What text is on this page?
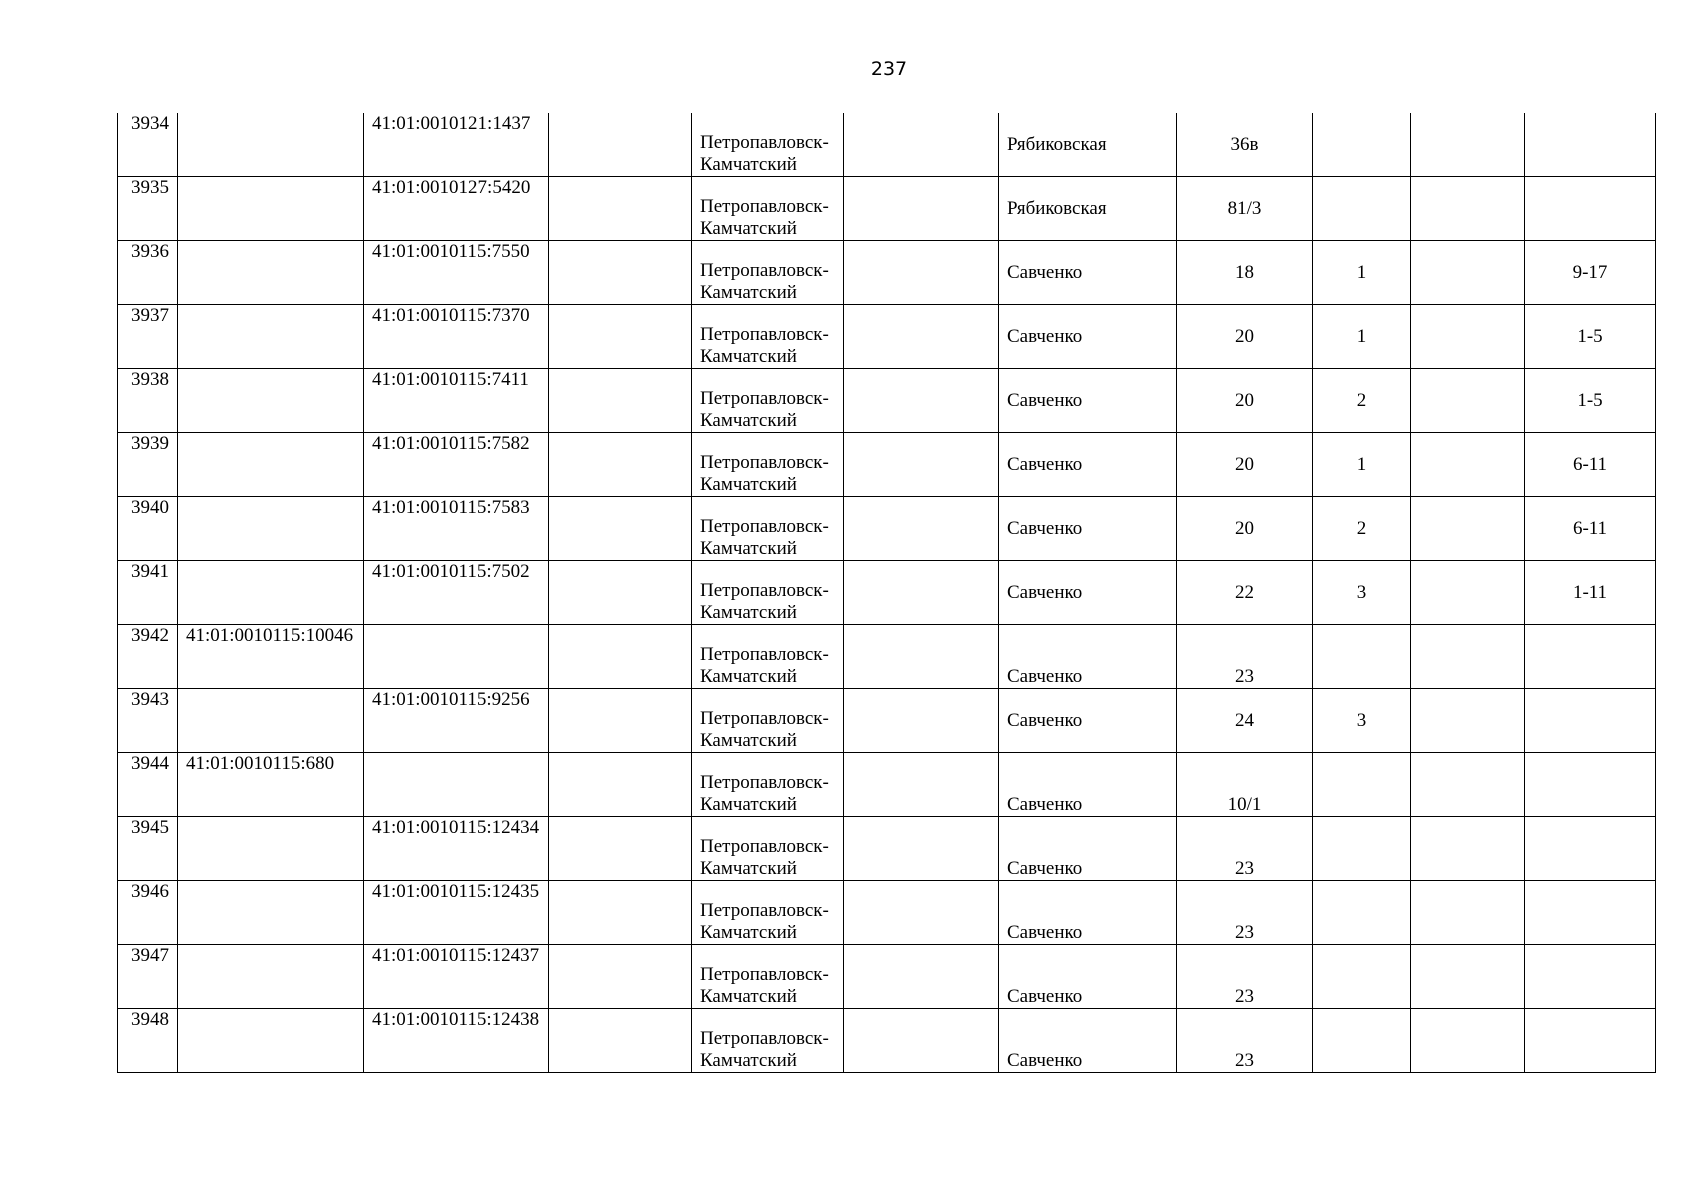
237
3934		41:01:0010121:1437		Петропавловск-Камчатский		Рябиковская	36в			
3935		41:01:0010127:5420		Петропавловск-Камчатский		Рябиковская	81/3			
3936		41:01:0010115:7550		Петропавловск-Камчатский		Савченко	18	1		9-17
3937		41:01:0010115:7370		Петропавловск-Камчатский		Савченко	20	1		1-5
3938		41:01:0010115:7411		Петропавловск-Камчатский		Савченко	20	2		1-5
3939		41:01:0010115:7582		Петропавловск-Камчатский		Савченко	20	1		6-11
3940		41:01:0010115:7583		Петропавловск-Камчатский		Савченко	20	2		6-11
3941		41:01:0010115:7502		Петропавловск-Камчатский		Савченко	22	3		1-11
3942	41:01:0010115:10046			Петропавловск-Камчатский		Савченко	23			
3943		41:01:0010115:9256		Петропавловск-Камчатский		Савченко	24	3		
3944	41:01:0010115:680			Петропавловск-Камчатский		Савченко	10/1			
3945		41:01:0010115:12434		Петропавловск-Камчатский		Савченко	23			
3946		41:01:0010115:12435		Петропавловск-Камчатский		Савченко	23			
3947		41:01:0010115:12437		Петропавловск-Камчатский		Савченко	23			
3948		41:01:0010115:12438		Петропавловск-Камчатский		Савченко	23			
